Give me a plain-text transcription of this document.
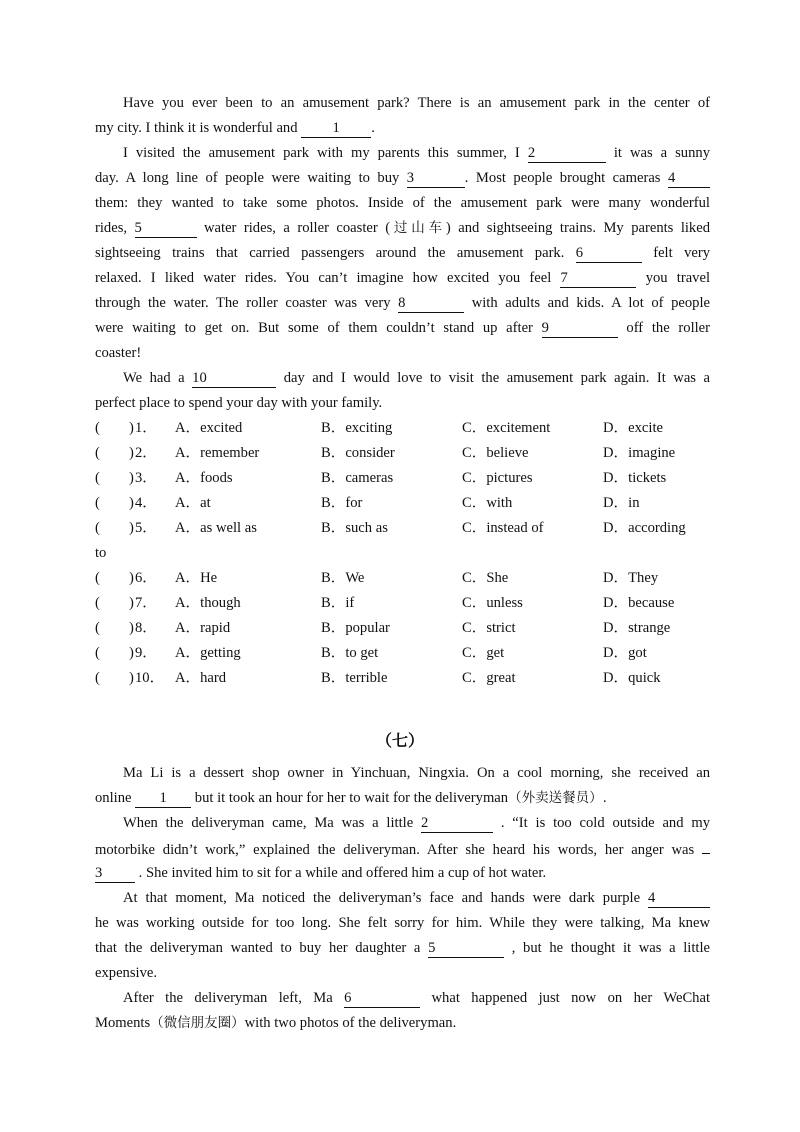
Have you ever been to an amusement park? There is an amusement park in the center of
my city. I think it is wonderful and 1 .
I visited the amusement park with my parents this summer, I 2	it was a sunny
day. A long line of people were waiting to buy 3	. Most people brought cameras 4
them: they wanted to take some photos. Inside of the amusement park were many wonderful
rides, 5	water rides, a roller coaster (过山车) and sightseeing trains. My parents liked
sightseeing trains that carried passengers around the amusement park. 6	felt very
relaxed. I liked water rides. You can’t imagine how excited you feel 7	you travel
through the water. The roller coaster was very 8	with adults and kids. A lot of people
were waiting to get on. But some of them couldn’t stand up after 9	off the roller
coaster!
We had a 10	day and I would love to visit the amusement park again. It was a
perfect place to spend your day with your family.
(　　) 1． A．excited	B．exciting	C．excitement	D．excite
(　　) 2． A．remember	B．consider	C．believe	D．imagine
(　　) 3． A．foods	B．cameras	C．pictures	D．tickets
(　　) 4． A．at	B．for	C．with	D．in
(　　) 5． A．as well as	B．such as	C．instead of	D．according
to
(　　) 6． A．He	B．We	C．She	D．They
(　　) 7． A．though	B．if	C．unless	D．because
(　　) 8． A．rapid	B．popular	C．strict	D．strange
(　　) 9． A．getting	B．to get	C．get	D．got
(　　) 10． A．hard	B．terrible	C．great	D．quick
（七）
Ma Li is a dessert shop owner in Yinchuan, Ningxia. On a cool morning, she received an
online 1 but it took an hour for her to wait for the deliveryman（外卖送餐员）.
When the deliveryman came, Ma was a little 2	. “It is too cold outside and my
motorbike didn’t work,” explained the deliveryman. After she heard his words, her anger was
3 . She invited him to sit for a while and offered him a cup of hot water.
At that moment, Ma noticed the deliveryman’s face and hands were dark purple 4
he was working outside for too long. She felt sorry for him. While they were talking, Ma knew
that the deliveryman wanted to buy her daughter a 5	, but he thought it was a little
expensive.
After the deliveryman left, Ma 6	what happened just now on her WeChat
Moments（微信朋友圈）with two photos of the deliveryman.
